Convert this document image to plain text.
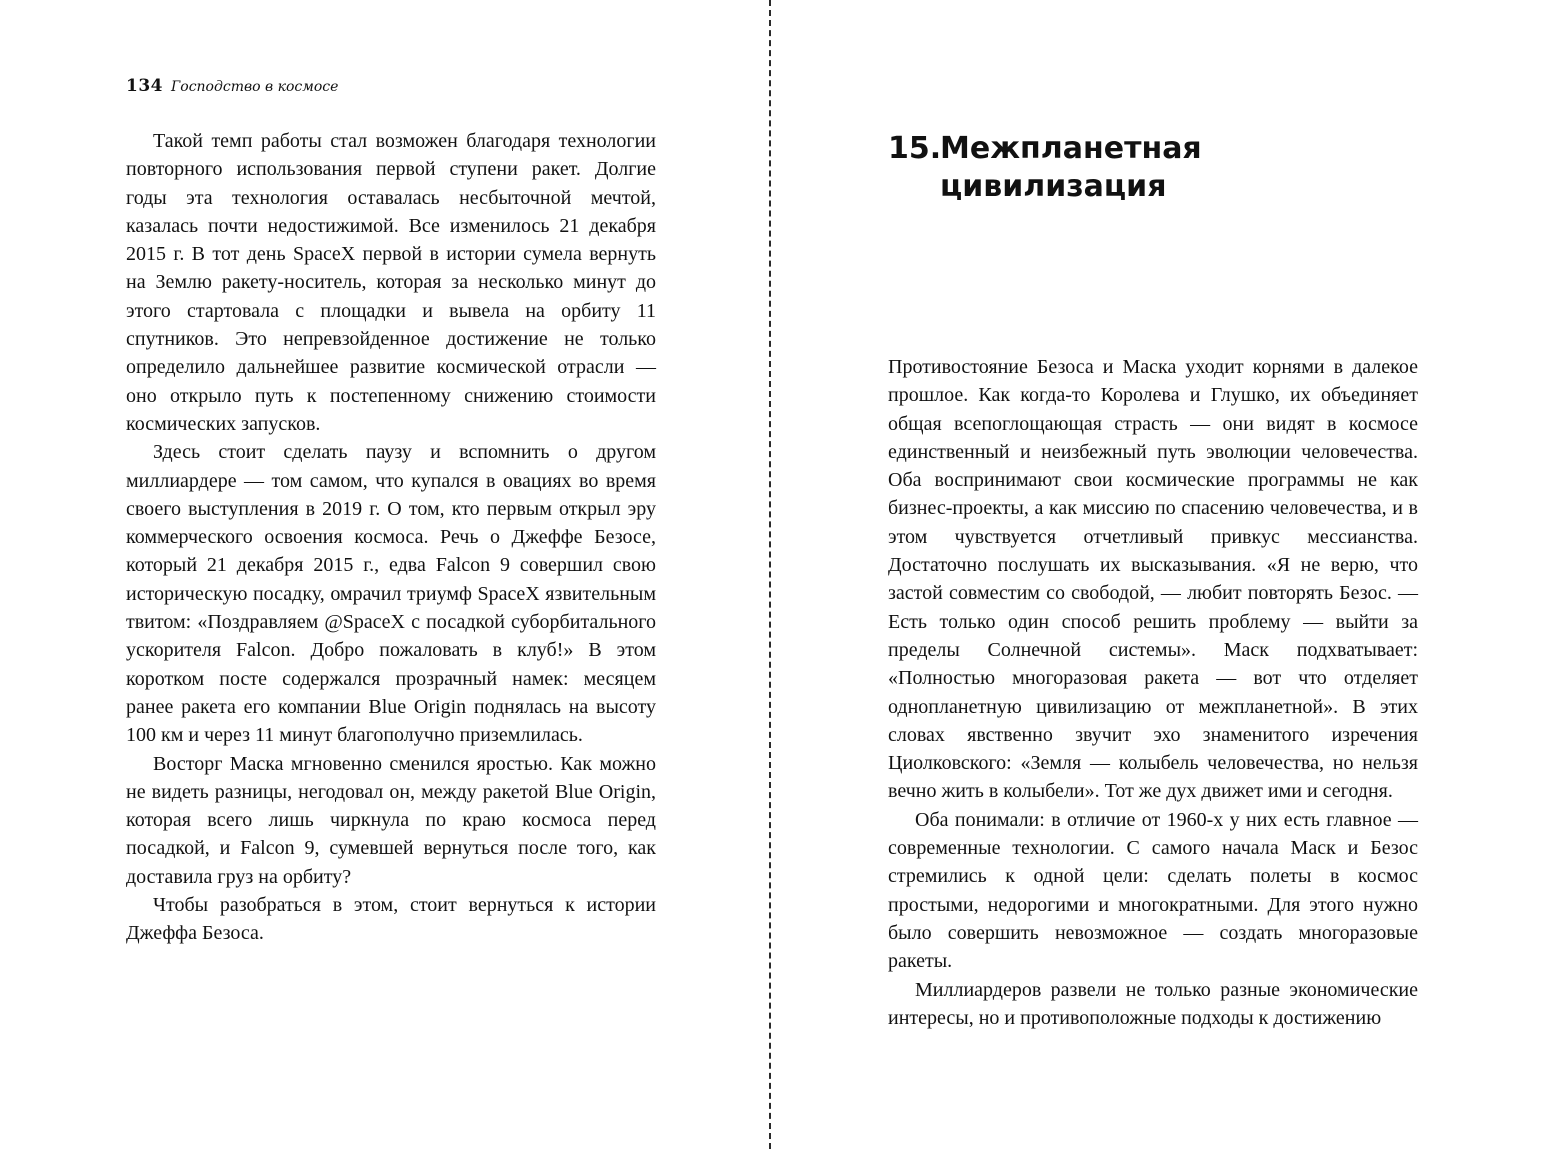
134 Господство в космосе

Такой темп работы стал возможен благодаря технологии повторного использования первой ступени ракет. Долгие годы эта технология оставалась несбыточной мечтой, казалась почти недостижимой. Все изменилось 21 декабря 2015 г. В тот день SpaceX первой в истории сумела вернуть на Землю ракету-носитель, которая за несколько минут до этого стартовала с площадки и вывела на орбиту 11 спутников. Это непревзойденное достижение не только определило дальнейшее развитие космической отрасли — оно открыло путь к постепенному снижению стоимости космических запусков.

Здесь стоит сделать паузу и вспомнить о другом миллиардере — том самом, что купался в овациях во время своего выступления в 2019 г. О том, кто первым открыл эру коммерческого освоения космоса. Речь о Джеффе Безосе, который 21 декабря 2015 г., едва Falcon 9 совершил свою историческую посадку, омрачил триумф SpaceX язвительным твитом: «Поздравляем @SpaceX с посадкой суборбитального ускорителя Falcon. Добро пожаловать в клуб!» В этом коротком посте содержался прозрачный намек: месяцем ранее ракета его компании Blue Origin поднялась на высоту 100 км и через 11 минут благополучно приземлилась.

Восторг Маска мгновенно сменился яростью. Как можно не видеть разницы, негодовал он, между ракетой Blue Origin, которая всего лишь чиркнула по краю космоса перед посадкой, и Falcon 9, сумевшей вернуться после того, как доставила груз на орбиту?

Чтобы разобраться в этом, стоит вернуться к истории Джеффа Безоса.

15.Межпланетная
цивилизация

Противостояние Безоса и Маска уходит корнями в далекое прошлое. Как когда-то Королева и Глушко, их объединяет общая всепоглощающая страсть — они видят в космосе единственный и неизбежный путь эволюции человечества. Оба воспринимают свои космические программы не как бизнес-проекты, а как миссию по спасению человечества, и в этом чувствуется отчетливый привкус мессианства. Достаточно послушать их высказывания. «Я не верю, что застой совместим со свободой, — любит повторять Безос. — Есть только один способ решить проблему — выйти за пределы Солнечной системы». Маск подхватывает: «Полностью многоразовая ракета — вот что отделяет однопланетную цивилизацию от межпланетной». В этих словах явственно звучит эхо знаменитого изречения Циолковского: «Земля — колыбель человечества, но нельзя вечно жить в колыбели». Тот же дух движет ими и сегодня.

Оба понимали: в отличие от 1960-х у них есть главное — современные технологии. С самого начала Маск и Безос стремились к одной цели: сделать полеты в космос простыми, недорогими и многократными. Для этого нужно было совершить невозможное — создать многоразовые ракеты.

Миллиардеров развели не только разные экономические интересы, но и противоположные подходы к достижению
